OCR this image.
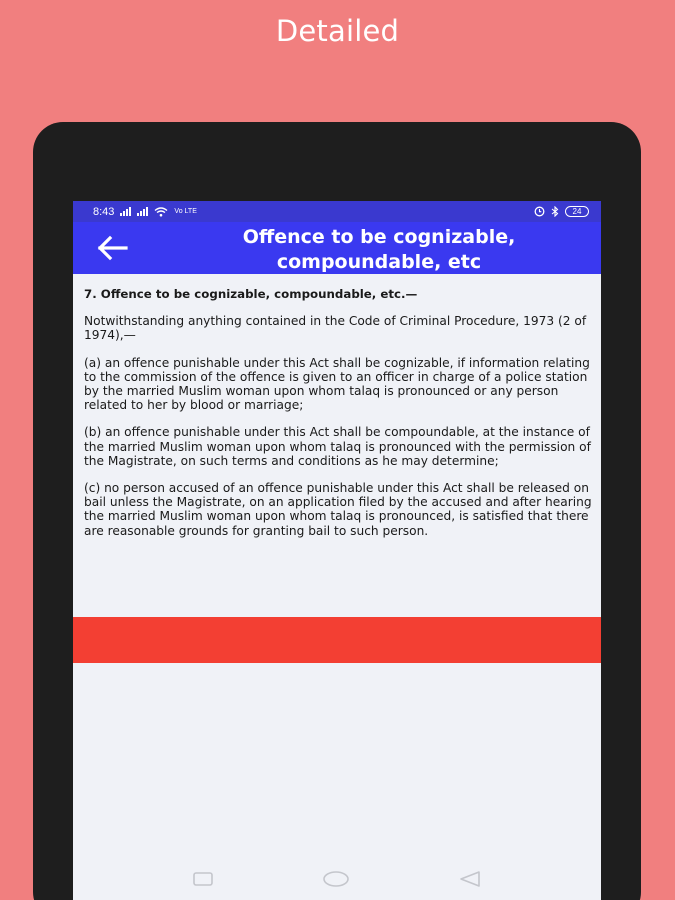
Detailed
8:43	Vo LTE	24
Offence to be cognizable, compoundable, etc
7. Offence to be cognizable, compoundable, etc.—
Notwithstanding anything contained in the Code of Criminal Procedure, 1973 (2 of 1974),—
(a) an offence punishable under this Act shall be cognizable, if information relating to the commission of the offence is given to an officer in charge of a police station by the married Muslim woman upon whom talaq is pronounced or any person related to her by blood or marriage;
(b) an offence punishable under this Act shall be compoundable, at the instance of the married Muslim woman upon whom talaq is pronounced with the permission of the Magistrate, on such terms and conditions as he may determine;
(c) no person accused of an offence punishable under this Act shall be released on bail unless the Magistrate, on an application filed by the accused and after hearing the married Muslim woman upon whom talaq is pronounced, is satisfied that there are reasonable grounds for granting bail to such person.
